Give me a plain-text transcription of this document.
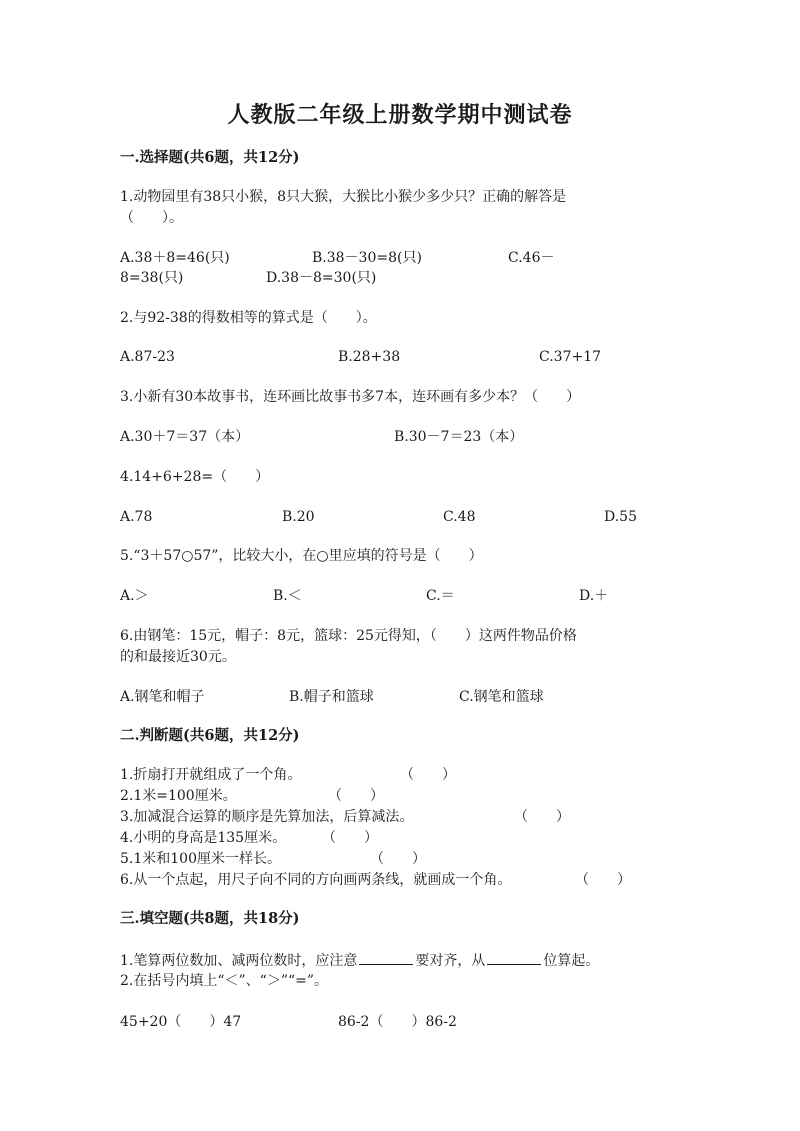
人教版二年级上册数学期中测试卷
一.选择题(共6题，共12分)
1.动物园里有38只小猴，8只大猴，大猴比小猴少多少只？正确的解答是
（　　）。
A.38＋8=46(只)	B.38－30=8(只)	C.46－
8=38(只)	D.38－8=30(只)
2.与92-38的得数相等的算式是（　　）。
A.87-23	B.28+38	C.37+17
3.小新有30本故事书，连环画比故事书多7本，连环画有多少本？（　　）
A.30＋7＝37（本）	B.30－7＝23（本）
4.14+6+28=（　　）
A.78	B.20	C.48	D.55
5.“3＋57○57”，比较大小，在○里应填的符号是（　　）
A.＞	B.＜	C.＝	D.＋
6.由钢笔：15元，帽子：8元，篮球：25元得知，（　　）这两件物品价格
的和最接近30元。
A.钢笔和帽子	B.帽子和篮球	C.钢笔和篮球
二.判断题(共6题，共12分)
1.折扇打开就组成了一个角。	（　　）
2.1米=100厘米。	（　　）
3.加减混合运算的顺序是先算加法，后算减法。	（　　）
4.小明的身高是135厘米。	（　　）
5.1米和100厘米一样长。	（　　）
6.从一个点起，用尺子向不同的方向画两条线，就画成一个角。	（　　）
三.填空题(共8题，共18分)
1.笔算两位数加、减两位数时，应注意	要对齐，从	位算起。
2.在括号内填上“＜”、“＞”“=”。
45+20（　　）47	86-2（　　）86-2
